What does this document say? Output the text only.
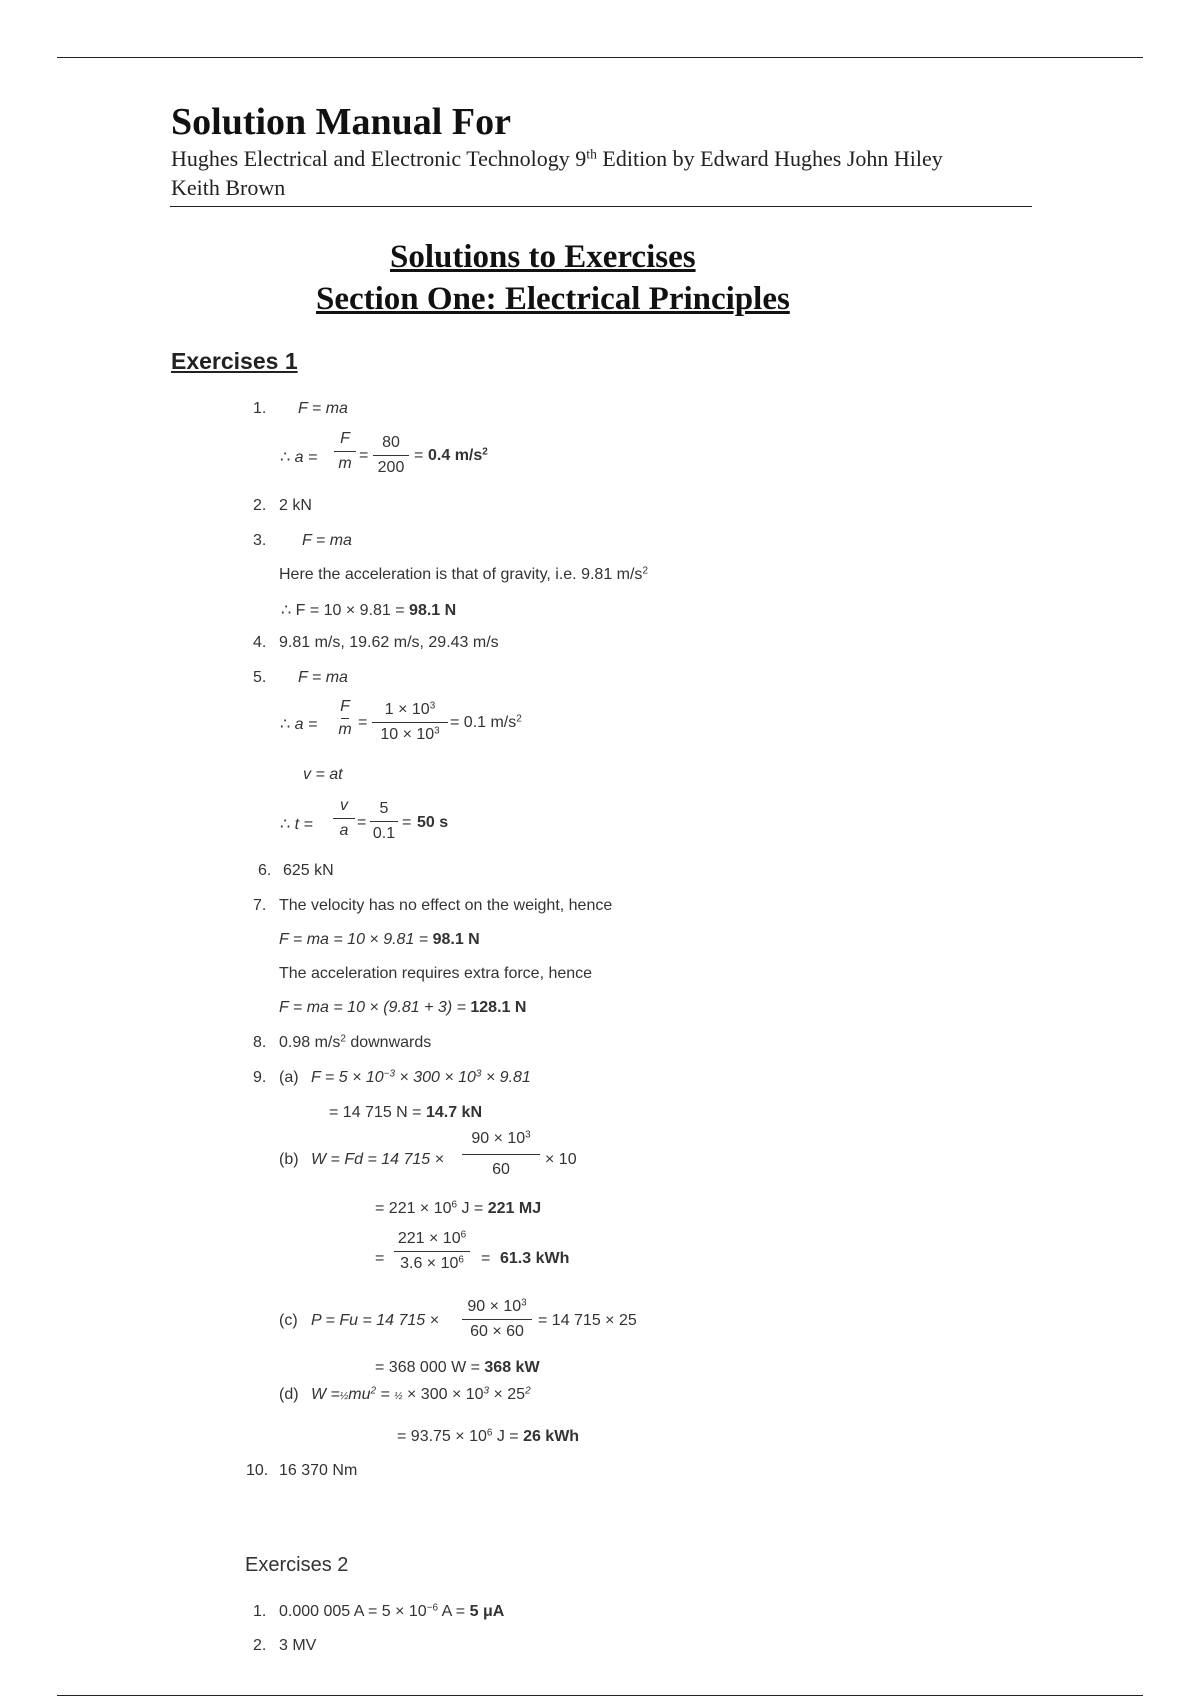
Solution Manual For
Hughes Electrical and Electronic Technology 9th Edition by Edward Hughes John Hiley
Keith Brown
Solutions to Exercises
Section One: Electrical Principles
Exercises 1
1. F = ma
∴ a =
F
m =
80
200
= 0.4 $m/s^2$
2. 2 kN
3. F = ma
Here the acceleration is that of gravity, i.e. 9.81 $m/s^2$
∴ F = 10 × 9.81 = 98.1 N
4. 9.81 m/s, 19.62 m/s, 29.43 m/s
5. F = ma
∴ a =
F
m =
$1 \times 10^3$
$10 \times 10^3$
= 0.1 $m/s^2$
v = at
∴ t =
v
a =
5
0.1
= 50 s
6. 625 kN
7. The velocity has no effect on the weight, hence
F = ma = 10 × 9.81 = 98.1 N
The acceleration requires extra force, hence
F = ma = 10 × (9.81 + 3) = 128.1 N
8. 0.98 $m/s^2$ downwards
9. (a) $F = 5 \times 10^{-3} \times 300 \times 10^3 \times 9.81$
= 14 715 N = 14.7 kN
(b) W = Fd = 14 715 ×
$90 \times 10^3$
60
× 10
= $221 \times 10^6$ J = 221 MJ
=
$221 \times 10^6$
$3.6 \times 10^6$	= 61.3 kWh
(c) P = Fu = 14 715 ×
$90 \times 10^3$
60 × 60
= 14 715 × 25
= 368 000 W = 368 kW
(d) $W =\frac{1}{2}mu^2$ = ½ × $300 \times 10^3 \times 25^2$
= $93.75 \times 10^6$ J = 26 kWh
10. 16 370 Nm
Exercises 2
1. 0.000 005 $A = 5 \times 10^{-6}$ A = 5 μA
2. 3 MV
